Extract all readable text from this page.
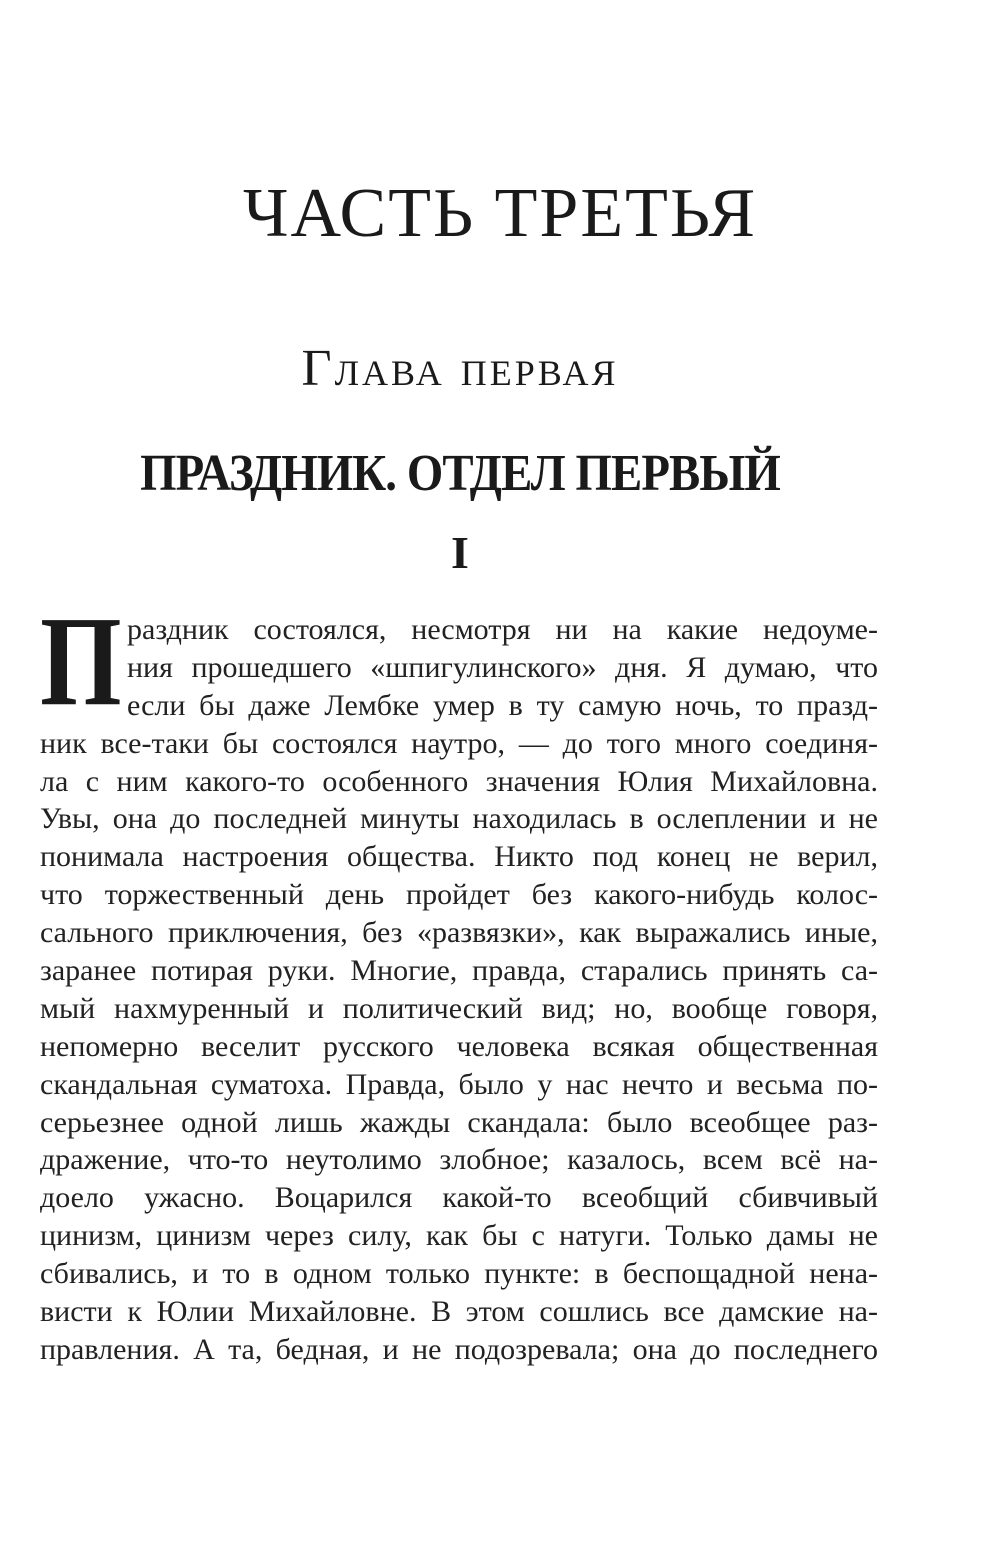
ЧАСТЬ ТРЕТЬЯ
Глава первая
ПРАЗДНИК. ОТДЕЛ ПЕРВЫЙ
I
П раздник состоялся, несмотря ни на какие недоуме-
ния прошедшего «шпигулинского» дня. Я думаю, что
если бы даже Лембке умер в ту самую ночь, то празд-
ник все-таки бы состоялся наутро, — до того много соединя-
ла с ним какого-то особенного значения Юлия Михайловна.
Увы, она до последней минуты находилась в ослеплении и не
понимала настроения общества. Никто под конец не верил,
что торжественный день пройдет без какого-нибудь колос-
сального приключения, без «развязки», как выражались иные,
заранее потирая руки. Многие, правда, старались принять са-
мый нахмуренный и политический вид; но, вообще говоря,
непомерно веселит русского человека всякая общественная
скандальная суматоха. Правда, было у нас нечто и весьма по-
серьезнее одной лишь жажды скандала: было всеобщее раз-
дражение, что-то неутолимо злобное; казалось, всем всё на-
доело ужасно. Воцарился какой-то всеобщий сбивчивый
цинизм, цинизм через силу, как бы с натуги. Только дамы не
сбивались, и то в одном только пункте: в беспощадной нена-
висти к Юлии Михайловне. В этом сошлись все дамские на-
правления. А та, бедная, и не подозревала; она до последнего
